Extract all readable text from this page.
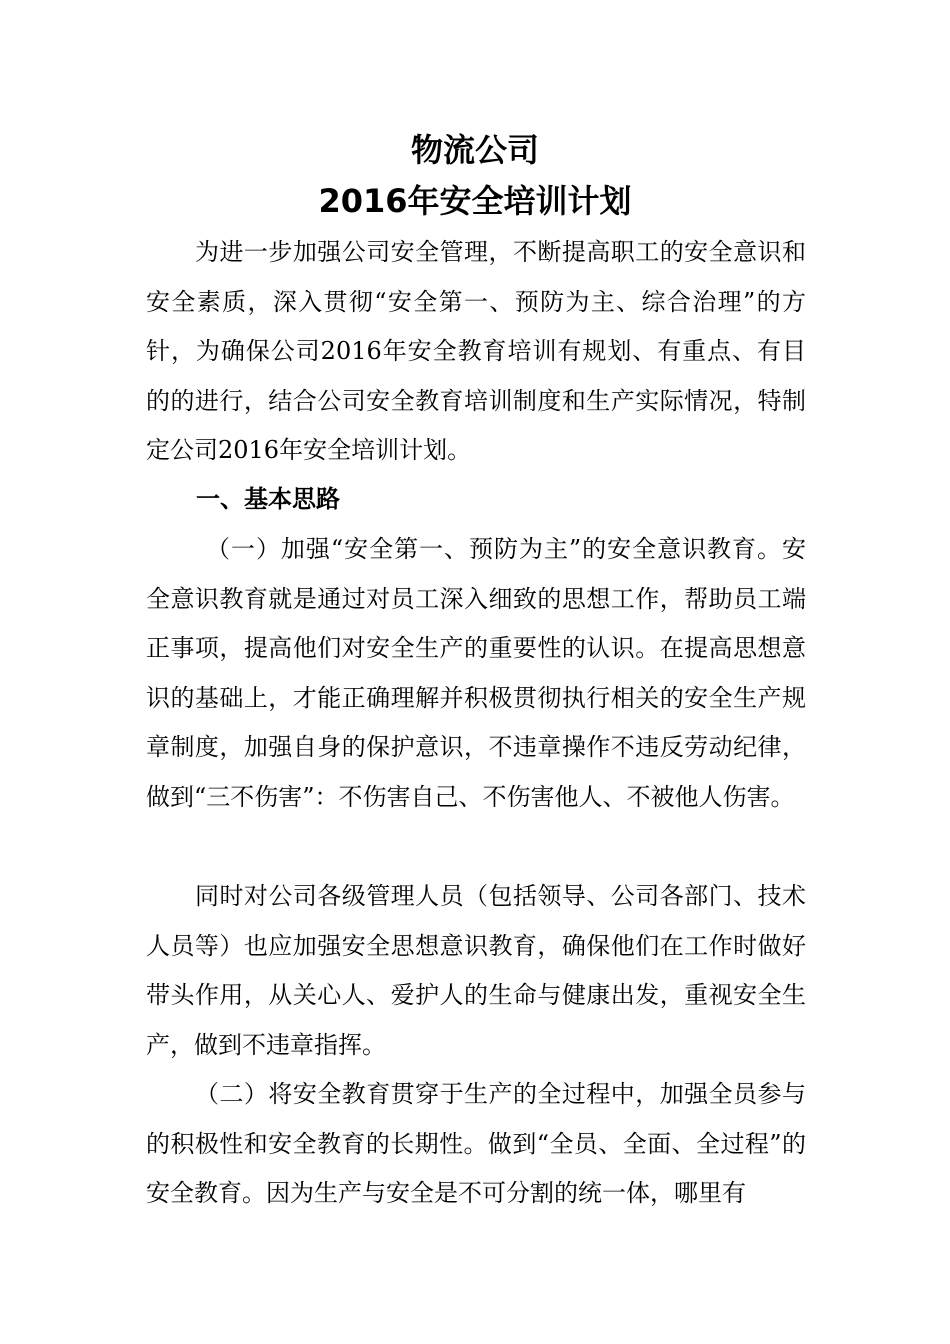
物流公司
2016年安全培训计划

为进一步加强公司安全管理，不断提高职工的安全意识和安全素质，深入贯彻“安全第一、预防为主、综合治理”的方针，为确保公司2016年安全教育培训有规划、有重点、有目的的进行，结合公司安全教育培训制度和生产实际情况，特制定公司2016年安全培训计划。

一、基本思路

（一）加强“安全第一、预防为主”的安全意识教育。安全意识教育就是通过对员工深入细致的思想工作，帮助员工端正事项，提高他们对安全生产的重要性的认识。在提高思想意识的基础上，才能正确理解并积极贯彻执行相关的安全生产规章制度，加强自身的保护意识，不违章操作不违反劳动纪律，做到“三不伤害”：不伤害自己、不伤害他人、不被他人伤害。

同时对公司各级管理人员（包括领导、公司各部门、技术人员等）也应加强安全思想意识教育，确保他们在工作时做好带头作用，从关心人、爱护人的生命与健康出发，重视安全生产，做到不违章指挥。

（二）将安全教育贯穿于生产的全过程中，加强全员参与的积极性和安全教育的长期性。做到“全员、全面、全过程”的安全教育。因为生产与安全是不可分割的统一体，哪里有
